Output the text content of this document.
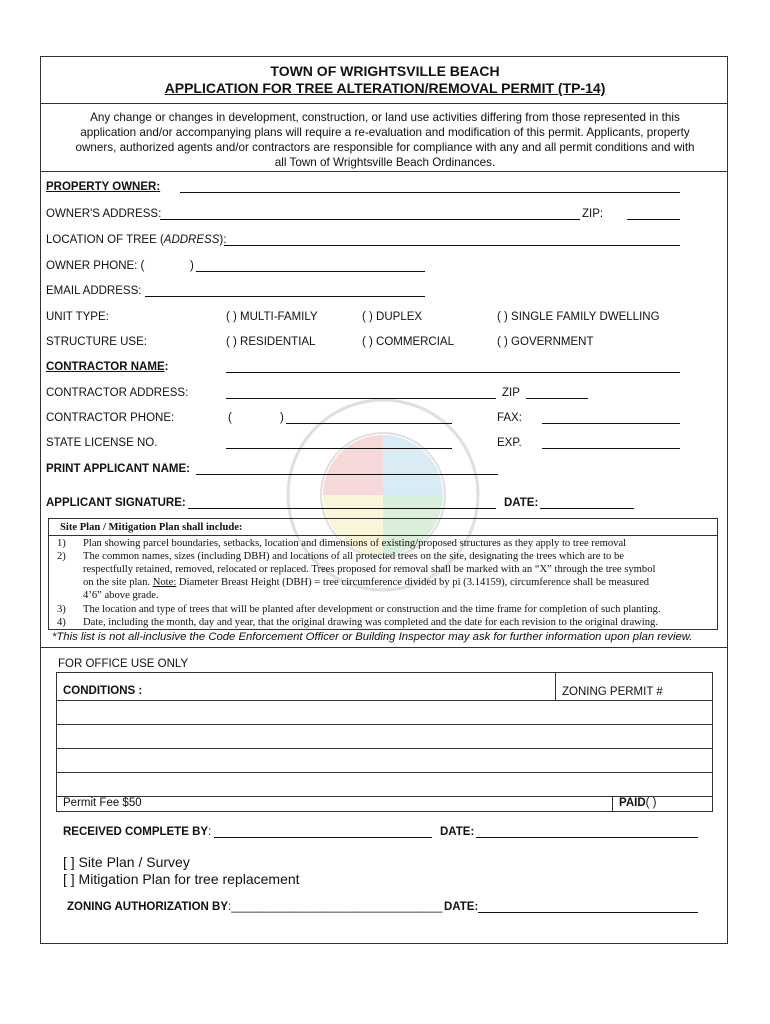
TOWN OF WRIGHTSVILLE BEACH
APPLICATION FOR TREE ALTERATION/REMOVAL PERMIT (TP-14)
Any change or changes in development, construction, or land use activities differing from those represented in this
application and/or accompanying plans will require a re-evaluation and modification of this permit. Applicants, property
owners, authorized agents and/or contractors are responsible for compliance with any and all permit conditions and with
all Town of Wrightsville Beach Ordinances.
PROPERTY OWNER:
OWNER'S ADDRESS:	ZIP:
LOCATION OF TREE (ADDRESS):
OWNER PHONE: (	)
EMAIL ADDRESS:
UNIT TYPE:	( ) MULTI-FAMILY	( ) DUPLEX	( ) SINGLE FAMILY DWELLING
STRUCTURE USE:	( ) RESIDENTIAL	( ) COMMERCIAL	( ) GOVERNMENT
CONTRACTOR NAME:
CONTRACTOR ADDRESS:	ZIP
CONTRACTOR PHONE:	(	)	FAX:
STATE LICENSE NO.	EXP.
PRINT APPLICANT NAME:
APPLICANT SIGNATURE:	DATE:
Site Plan / Mitigation Plan shall include:
1) Plan showing parcel boundaries, setbacks, location and dimensions of existing/proposed structures as they apply to tree removal
2) The common names, sizes (including DBH) and locations of all protected trees on the site, designating the trees which are to be
respectfully retained, removed, relocated or replaced. Trees proposed for removal shall be marked with an “X” through the tree symbol
on the site plan. Note: Diameter Breast Height (DBH) = tree circumference divided by pi (3.14159), circumference shall be measured
4’6” above grade.
3) The location and type of trees that will be planted after development or construction and the time frame for completion of such planting.
4) Date, including the month, day and year, that the original drawing was completed and the date for each revision to the original drawing.
*This list is not all-inclusive the Code Enforcement Officer or Building Inspector may ask for further information upon plan review.
FOR OFFICE USE ONLY
CONDITIONS :	ZONING PERMIT #
Permit Fee $50	PAID( )
RECEIVED COMPLETE BY:	DATE:
[ ] Site Plan / Survey
[ ] Mitigation Plan for tree replacement
ZONING AUTHORIZATION BY:_________________________________ DATE:
